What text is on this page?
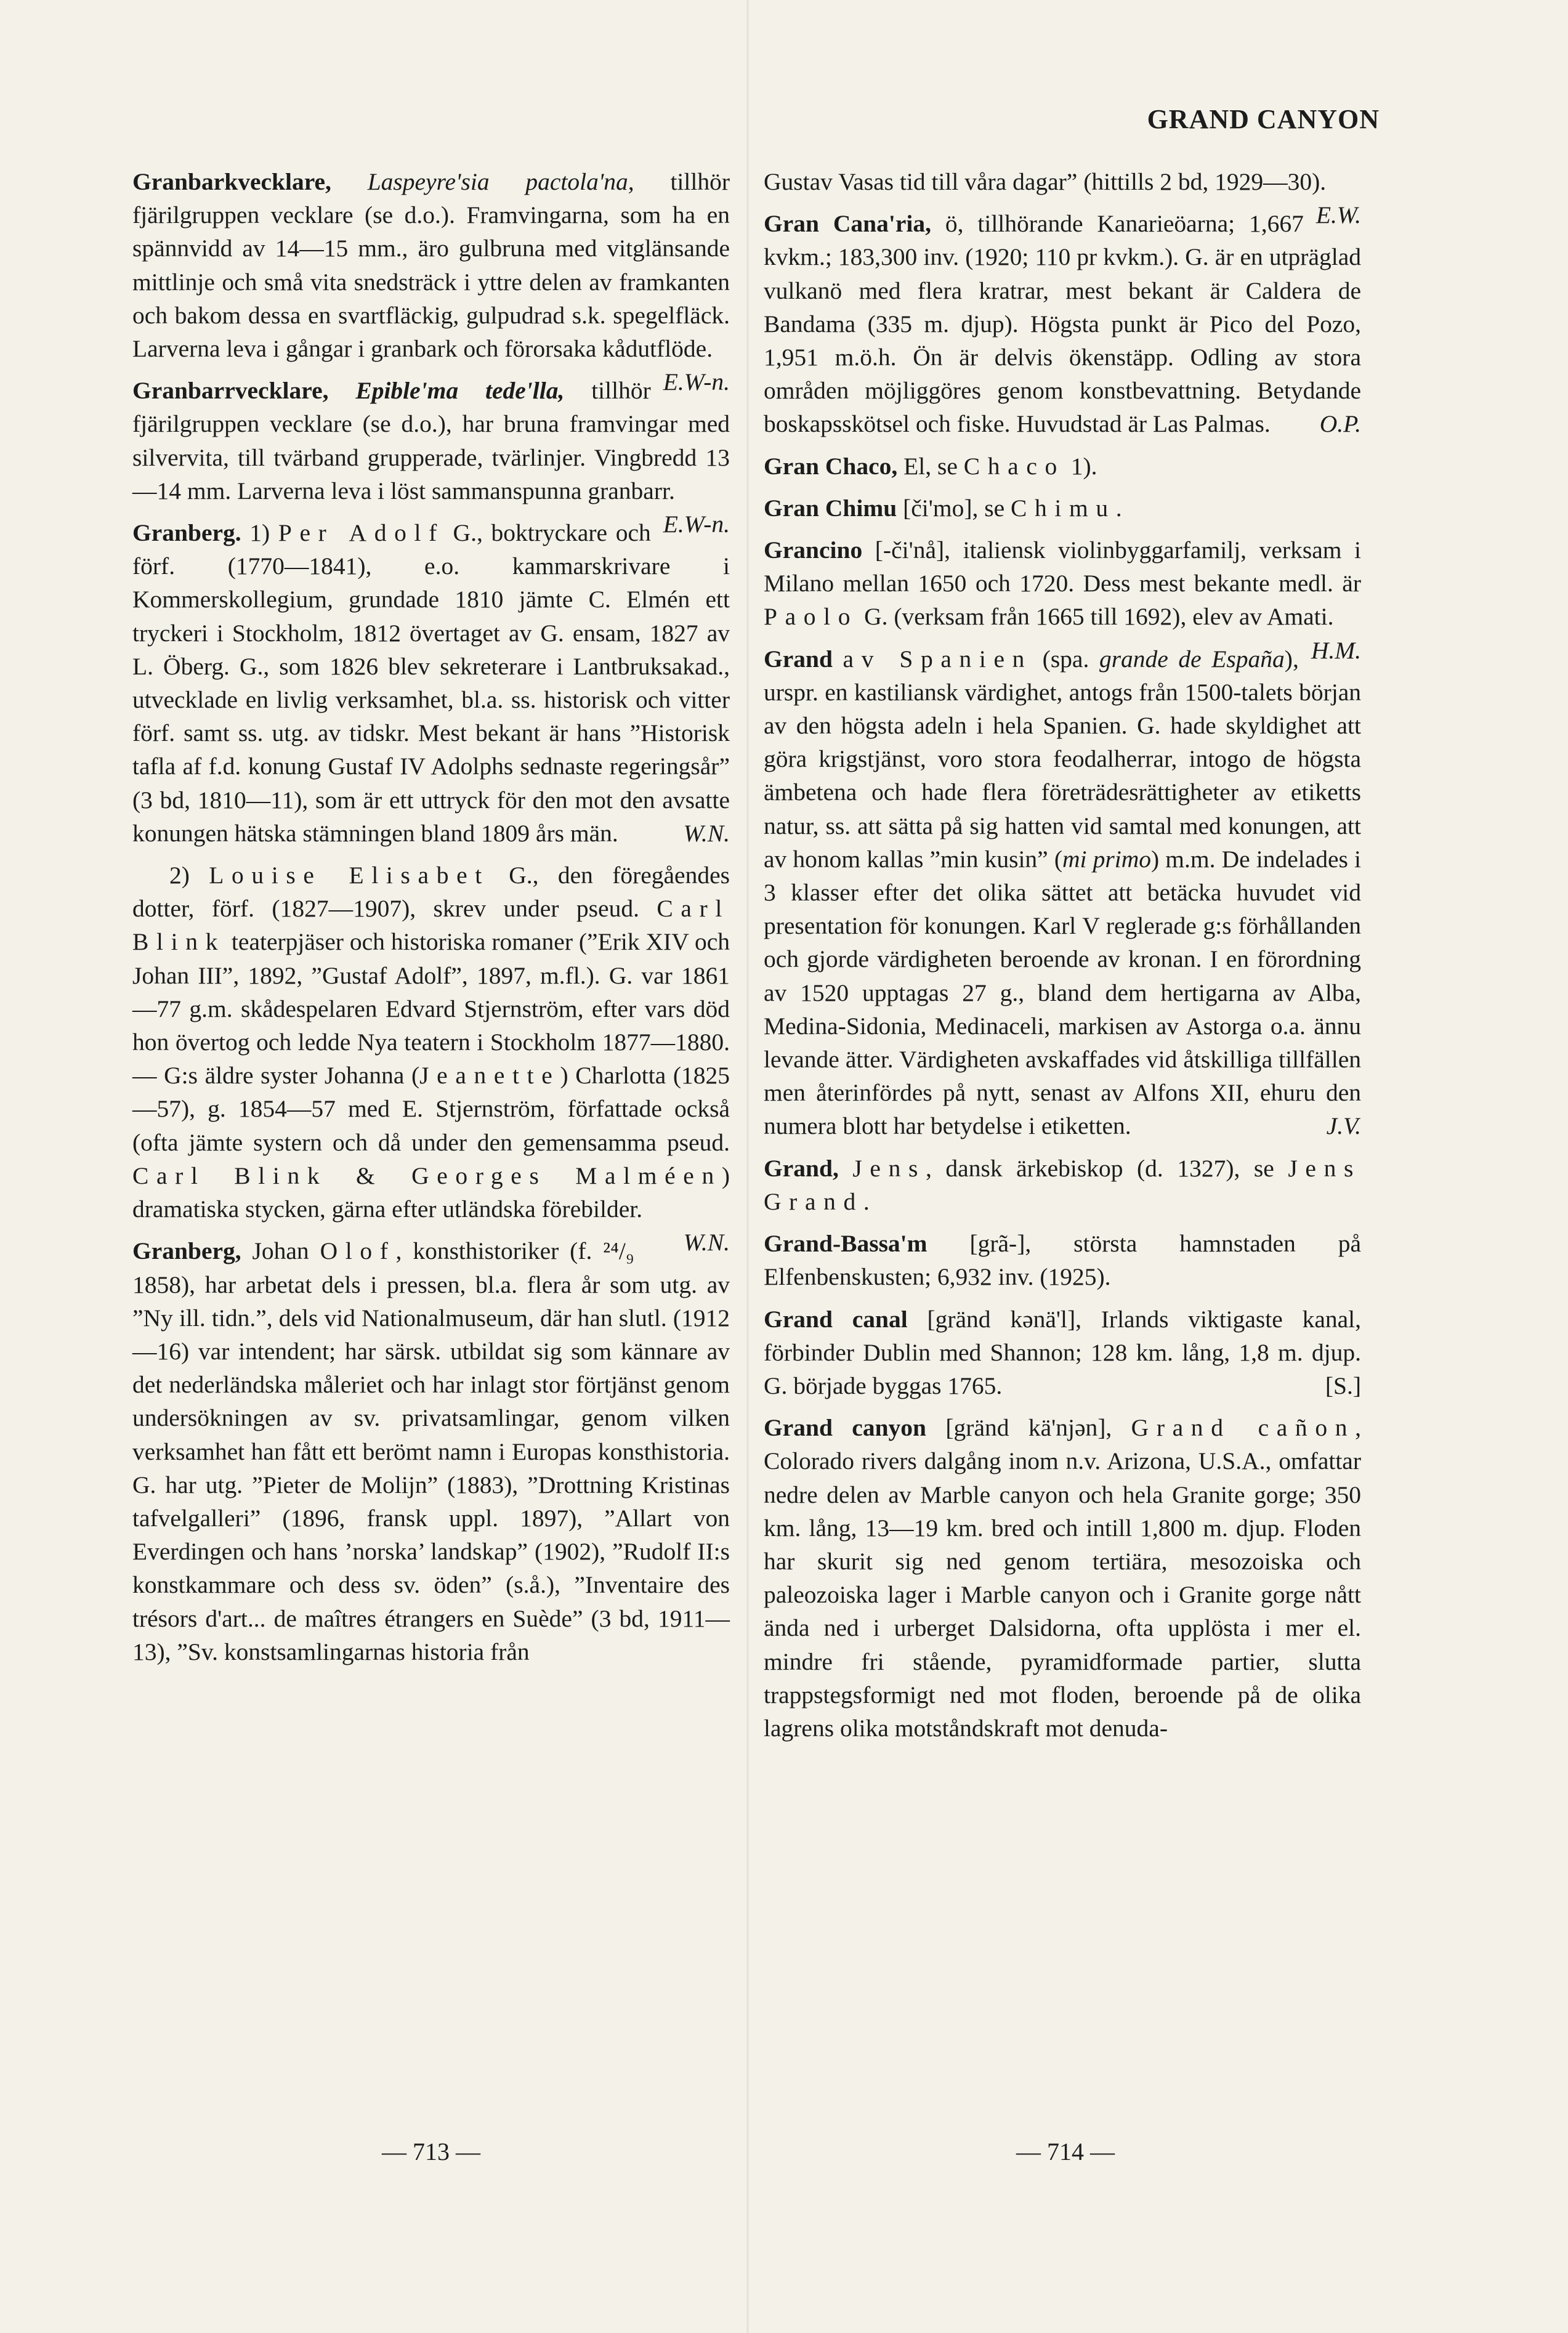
GRAND CANYON

Granbarkvecklare, Laspeyre'sia pactola'na, tillhör fjärilgruppen vecklare (se d.o.). Framvingarna, som ha en spännvidd av 14—15 mm., äro gulbruna med vitglänsande mittlinje och små vita snedsträck i yttre delen av framkanten och bakom dessa en svartfläckig, gulpudrad s.k. spegelfläck. Larverna leva i gångar i granbark och förorsaka kådutflöde.
E.W-n.

Granbarrvecklare, Epible'ma tede'lla, tillhör fjärilgruppen vecklare (se d.o.), har bruna framvingar med silvervita, till tvärband grupperade, tvärlinjer. Vingbredd 13—14 mm. Larverna leva i löst sammanspunna granbarr.
E.W-n.

Granberg. 1) Per Adolf G., boktryckare och förf. (1770—1841), e.o. kammarskrivare i Kommerskollegium, grundade 1810 jämte C. Elmén ett tryckeri i Stockholm, 1812 övertaget av G. ensam, 1827 av L. Öberg. G., som 1826 blev sekreterare i Lantbruksakad., utvecklade en livlig verksamhet, bl.a. ss. historisk och vitter förf. samt ss. utg. av tidskr. Mest bekant är hans ”Historisk tafla af f.d. konung Gustaf IV Adolphs sednaste regeringsår” (3 bd, 1810—11), som är ett uttryck för den mot den avsatte konungen hätska stämningen bland 1809 års män.	W.N.

2) Louise Elisabet G., den föregåendes dotter, förf. (1827—1907), skrev under pseud. Carl Blink teaterpjäser och historiska romaner (”Erik XIV och Johan III”, 1892, ”Gustaf Adolf”, 1897, m.fl.). G. var 1861—77 g.m. skådespelaren Edvard Stjernström, efter vars död hon övertog och ledde Nya teatern i Stockholm 1877—1880. — G:s äldre syster Johanna (Jeanette) Charlotta (1825—57), g. 1854—57 med E. Stjernström, författade också (ofta jämte systern och då under den gemensamma pseud. Carl Blink & Georges Malméen) dramatiska stycken, gärna efter utländska förebilder.
W.N.

Granberg, Johan Olof, konsthistoriker (f. ²⁴/₉ 1858), har arbetat dels i pressen, bl.a. flera år som utg. av ”Ny ill. tidn.”, dels vid Nationalmuseum, där han slutl. (1912—16) var intendent; har särsk. utbildat sig som kännare av det nederländska måleriet och har inlagt stor förtjänst genom undersökningen av sv. privatsamlingar, genom vilken verksamhet han fått ett berömt namn i Europas konsthistoria. G. har utg. ”Pieter de Molijn” (1883), ”Drottning Kristinas tafvelgalleri” (1896, fransk uppl. 1897), ”Allart von Everdingen och hans ’norska’ landskap” (1902), ”Rudolf II:s konstkammare och dess sv. öden” (s.å.), ”Inventaire des trésors d'art... de maîtres étrangers en Suède” (3 bd, 1911—13), ”Sv. konstsamlingarnas historia från

Gustav Vasas tid till våra dagar” (hittills 2 bd, 1929—30).
E.W.

Gran Cana'ria, ö, tillhörande Kanarieöarna; 1,667 kvkm.; 183,300 inv. (1920; 110 pr kvkm.). G. är en utpräglad vulkanö med flera kratrar, mest bekant är Caldera de Bandama (335 m. djup). Högsta punkt är Pico del Pozo, 1,951 m.ö.h. Ön är delvis ökenstäpp. Odling av stora områden möjliggöres genom konstbevattning. Betydande boskapsskötsel och fiske. Huvudstad är Las Palmas. O.P.

Gran Chaco, El, se Chaco 1).

Gran Chimu [či'mo], se Chimu.

Grancino [-či'nå], italiensk violinbyggarfamilj, verksam i Milano mellan 1650 och 1720. Dess mest bekante medl. är Paolo G. (verksam från 1665 till 1692), elev av Amati.
H.M.

Grand av Spanien (spa. grande de España), urspr. en kastiliansk värdighet, antogs från 1500-talets början av den högsta adeln i hela Spanien. G. hade skyldighet att göra krigstjänst, voro stora feodalherrar, intogo de högsta ämbetena och hade flera företrädesrättigheter av etiketts natur, ss. att sätta på sig hatten vid samtal med konungen, att av honom kallas ”min kusin” (mi primo) m.m. De indelades i 3 klasser efter det olika sättet att betäcka huvudet vid presentation för konungen. Karl V reglerade g:s förhållanden och gjorde värdigheten beroende av kronan. I en förordning av 1520 upptagas 27 g., bland dem hertigarna av Alba, Medina-Sidonia, Medinaceli, markisen av Astorga o.a. ännu levande ätter. Värdigheten avskaffades vid åtskilliga tillfällen men återinfördes på nytt, senast av Alfons XII, ehuru den numera blott har betydelse i etiketten.	J.V.

Grand, Jens, dansk ärkebiskop (d. 1327), se Jens Grand.

Grand-Bassa'm [grã-], största hamnstaden på Elfenbenskusten; 6,932 inv. (1925).

Grand canal [gränd kənä'l], Irlands viktigaste kanal, förbinder Dublin med Shannon; 128 km. lång, 1,8 m. djup. G. började byggas 1765.	[S.]

Grand canyon [gränd kä'njən], Grand cañon, Colorado rivers dalgång inom n.v. Arizona, U.S.A., omfattar nedre delen av Marble canyon och hela Granite gorge; 350 km. lång, 13—19 km. bred och intill 1,800 m. djup. Floden har skurit sig ned genom tertiära, mesozoiska och paleozoiska lager i Marble canyon och i Granite gorge nått ända ned i urberget Dalsidorna, ofta upplösta i mer el. mindre fri stående, pyramidformade partier, slutta trappstegsformigt ned mot floden, beroende på de olika lagrens olika motståndskraft mot denuda-

— 713 —	— 714 —
